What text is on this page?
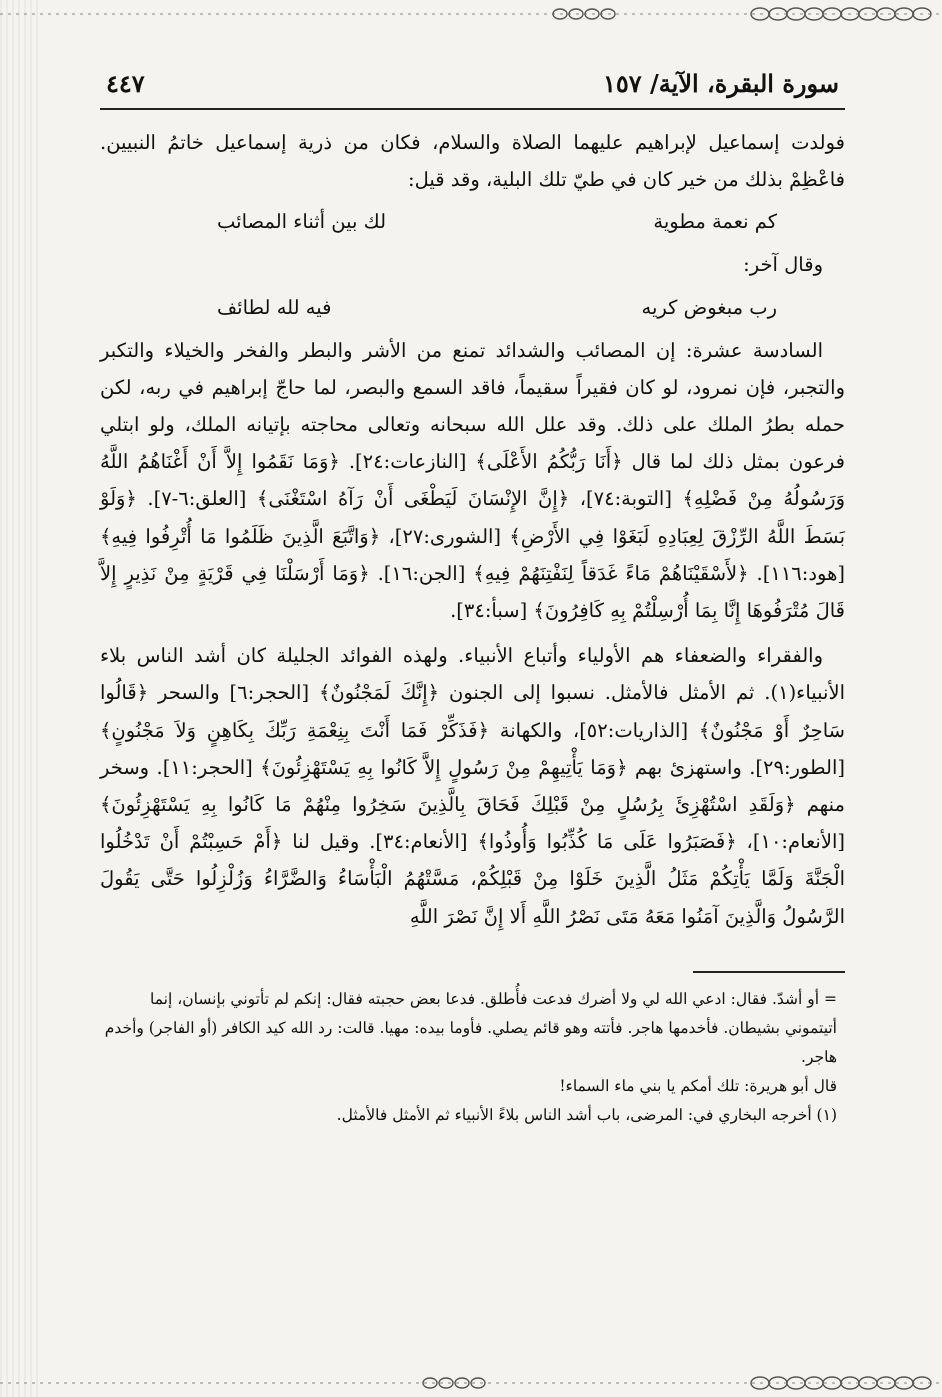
سورة البقرة، الآية/ ١٥٧
٤٤٧

فولدت إسماعيل لإبراهيم عليهما الصلاة والسلام، فكان من ذرية إسماعيل خاتمُ النبيين. فاعْظِمْ بذلك من خير كان في طيّ تلك البلية، وقد قيل:

كم نعمة مطوية
لك بين أثناء المصائب

وقال آخر:

رب مبغوض كريه
فيه لله لطائف

السادسة عشرة: إن المصائب والشدائد تمنع من الأشر والبطر والفخر والخيلاء والتكبر والتجبر، فإن نمرود، لو كان فقيراً سقيماً، فاقد السمع والبصر، لما حاجّ إبراهيم في ربه، لكن حمله بطرُ الملك على ذلك. وقد علل الله سبحانه وتعالى محاجته بإتيانه الملك، ولو ابتلي فرعون بمثل ذلك لما قال ﴿أَنَا رَبُّكُمُ الأَعْلَى﴾ [النازعات:٢٤]. ﴿وَمَا نَقَمُوا إِلاَّ أَنْ أَغْنَاهُمُ اللَّهُ وَرَسُولُهُ مِنْ فَضْلِهِ﴾ [التوبة:٧٤]، ﴿إِنَّ الإِنْسَانَ لَيَطْغَى أَنْ رَآهُ اسْتَغْنَى﴾ [العلق:٦-٧]. ﴿وَلَوْ بَسَطَ اللَّهُ الرِّزْقَ لِعِبَادِهِ لَبَغَوْا فِي الأَرْضِ﴾ [الشورى:٢٧]، ﴿وَاتَّبَعَ الَّذِينَ ظَلَمُوا مَا أُتْرِفُوا فِيهِ﴾ [هود:١١٦]. ﴿لأَسْقَيْنَاهُمْ مَاءً غَدَقاً لِنَفْتِنَهُمْ فِيهِ﴾ [الجن:١٦]. ﴿وَمَا أَرْسَلْنَا فِي قَرْيَةٍ مِنْ نَذِيرٍ إِلاَّ قَالَ مُتْرَفُوهَا إِنَّا بِمَا أُرْسِلْتُمْ بِهِ كَافِرُونَ﴾ [سبأ:٣٤].

والفقراء والضعفاء هم الأولياء وأتباع الأنبياء. ولهذه الفوائد الجليلة كان أشد الناس بلاء الأنبياء(١). ثم الأمثل فالأمثل. نسبوا إلى الجنون ﴿إِنَّكَ لَمَجْنُونٌ﴾ [الحجر:٦] والسحر ﴿قَالُوا سَاحِرٌ أَوْ مَجْنُونٌ﴾ [الذاريات:٥٢]، والكهانة ﴿فَذَكِّرْ فَمَا أَنْتَ بِنِعْمَةِ رَبِّكَ بِكَاهِنٍ وَلاَ مَجْنُونٍ﴾ [الطور:٢٩]. واستهزئ بهم ﴿وَمَا يَأْتِيهِمْ مِنْ رَسُولٍ إِلاَّ كَانُوا بِهِ يَسْتَهْزِئُونَ﴾ [الحجر:١١]. وسخر منهم ﴿وَلَقَدِ اسْتُهْزِئَ بِرُسُلٍ مِنْ قَبْلِكَ فَحَاقَ بِالَّذِينَ سَخِرُوا مِنْهُمْ مَا كَانُوا بِهِ يَسْتَهْزِئُونَ﴾ [الأنعام:١٠]، ﴿فَصَبَرُوا عَلَى مَا كُذِّبُوا وَأُوذُوا﴾ [الأنعام:٣٤]. وقيل لنا ﴿أَمْ حَسِبْتُمْ أَنْ تَدْخُلُوا الْجَنَّةَ وَلَمَّا يَأْتِكُمْ مَثَلُ الَّذِينَ خَلَوْا مِنْ قَبْلِكُمْ، مَسَّتْهُمُ الْبَأْسَاءُ وَالضَّرَّاءُ وَزُلْزِلُوا حَتَّى يَقُولَ الرَّسُولُ وَالَّذِينَ آمَنُوا مَعَهُ مَتَى نَصْرُ اللَّهِ أَلا إِنَّ نَصْرَ اللَّهِ

= أو أشدّ. فقال: ادعي الله لي ولا أضرك فدعت فأُطلق. فدعا بعض حجبته فقال: إنكم لم تأتوني بإنسان، إنما أتيتموني بشيطان. فأخدمها هاجر. فأتته وهو قائم يصلي. فأوما بيده: مهيا. قالت: رد الله كيد الكافر (أو الفاجر) وأخدم هاجر.

قال أبو هريرة: تلك أمكم يا بني ماء السماء!

(١) أخرجه البخاري في: المرضى، باب أشد الناس بلاءً الأنبياء ثم الأمثل فالأمثل.
